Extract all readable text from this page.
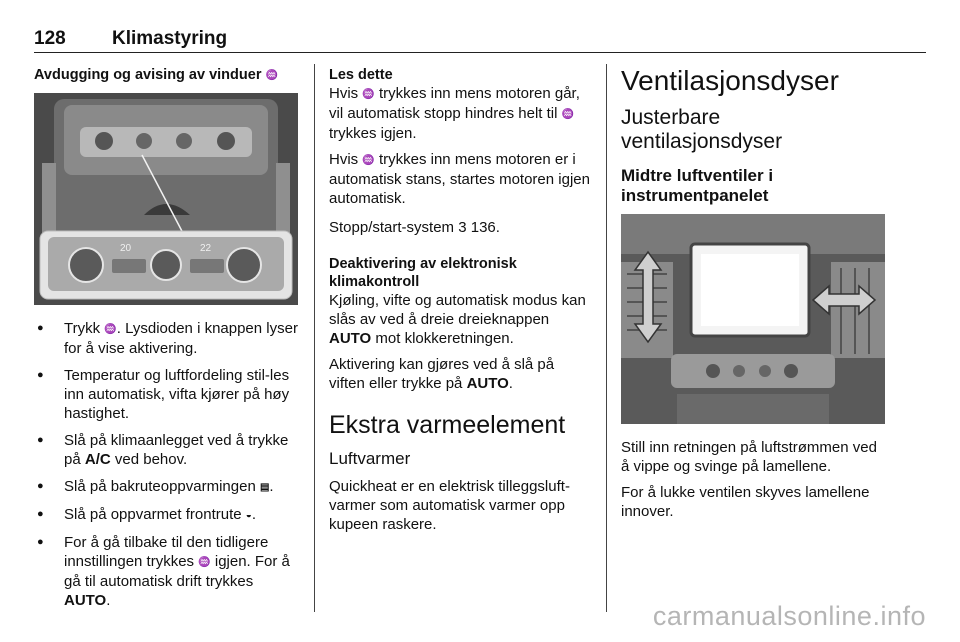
128 Klimastyring
Avdugging og avising av vinduer ♒
20	22
● Trykk ♒. Lysdioden i knappen lyser for å vise aktivering.
● Temperatur og luftfordeling stil-les inn automatisk, vifta kjører på høy hastighet.
● Slå på klimaanlegget ved å trykke på A/C ved behov.
● Slå på bakruteoppvarmingen ▤.
● Slå på oppvarmet frontrute ◒.
● For å gå tilbake til den tidligere innstillingen trykkes ♒ igjen. For å gå til automatisk drift trykkes AUTO.
Les dette

Hvis ♒ trykkes inn mens motoren går, vil automatisk stopp hindres helt til ♒ trykkes igjen.

Hvis ♒ trykkes inn mens motoren er i automatisk stans, startes motoren igjen automatisk.

Stopp/start-system 3 136.

Deaktivering av elektronisk klimakontroll

Kjøling, vifte og automatisk modus kan slås av ved å dreie dreieknappen AUTO mot klokkeretningen.

Aktivering kan gjøres ved å slå på viften eller trykke på AUTO.

Ekstra varmeelement
Luftvarmer

Quickheat er en elektrisk tilleggsluft-varmer som automatisk varmer opp kupeen raskere.

Ventilasjonsdyser
Justerbare ventilasjonsdyser
Midtre luftventiler i instrumentpanelet

Still inn retningen på luftstrømmen ved å vippe og svinge på lamellene.

For å lukke ventilen skyves lamellene innover.

carmanualsonline.info
